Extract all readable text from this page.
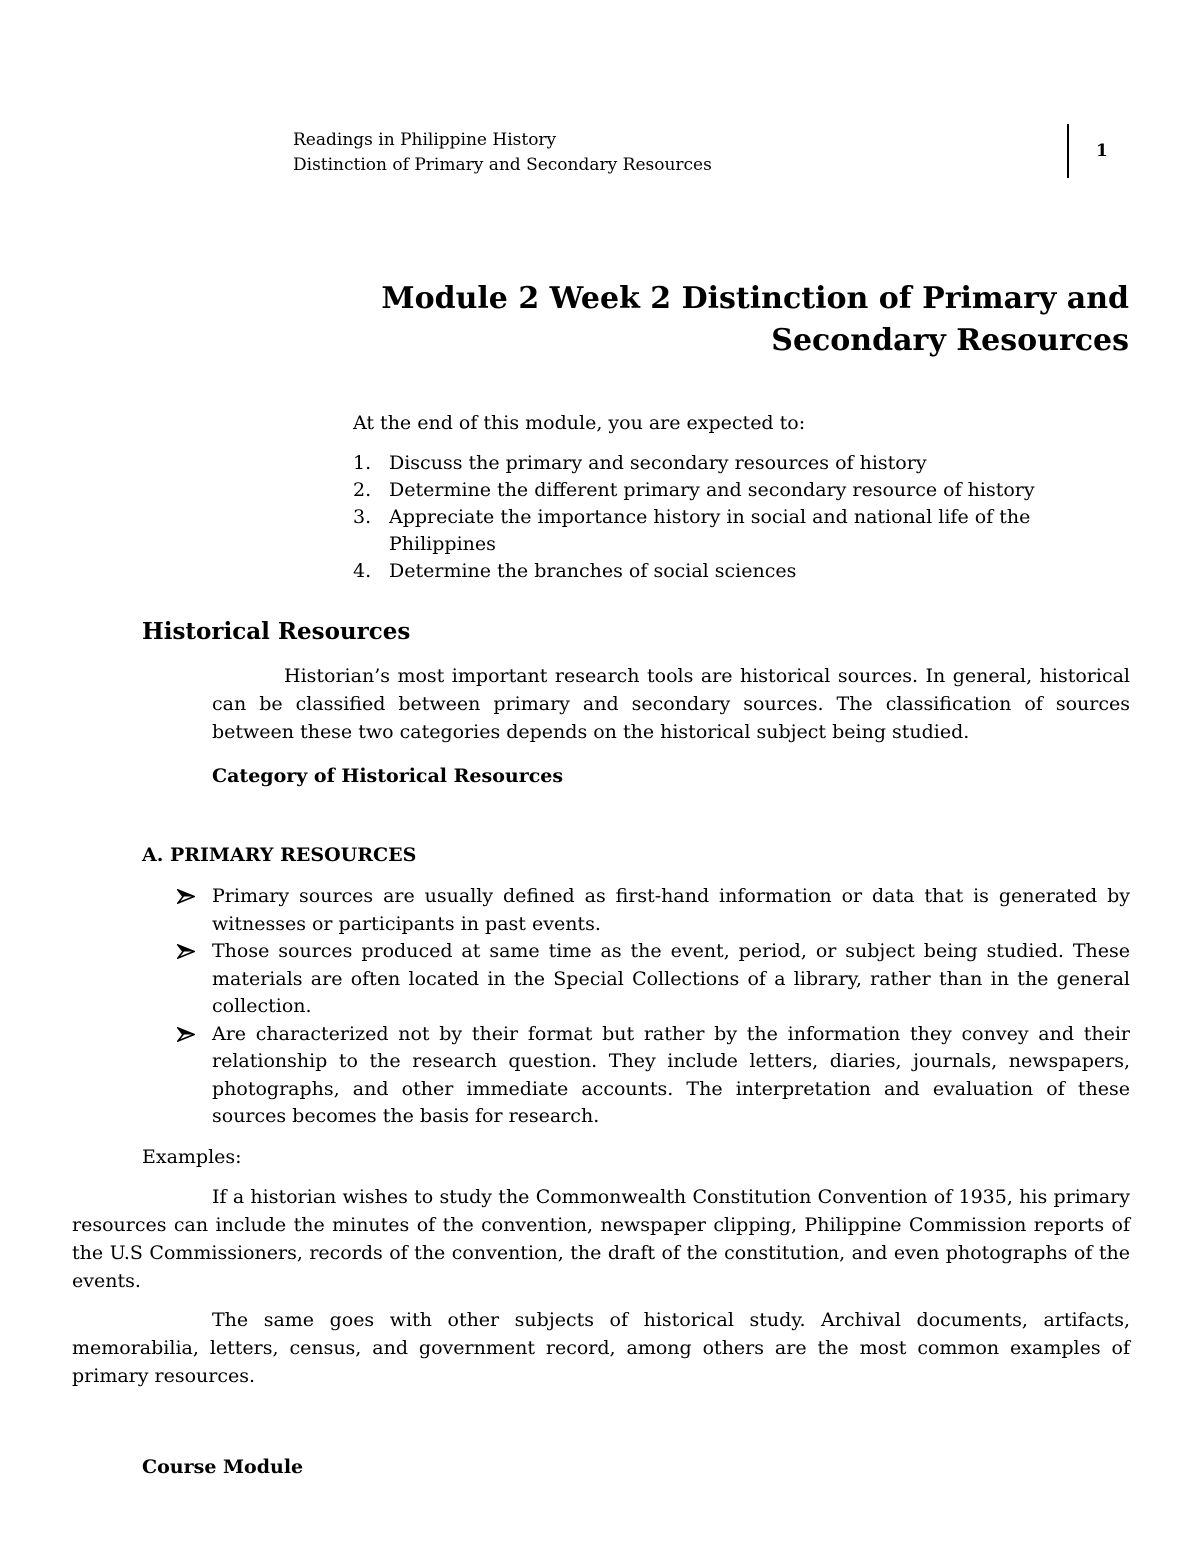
Readings in Philippine History
Distinction of Primary and Secondary Resources
1
Module 2 Week 2 Distinction of Primary and
Secondary Resources
At the end of this module, you are expected to:
1. Discuss the primary and secondary resources of history
2. Determine the different primary and secondary resource of history
3. Appreciate the importance history in social and national life of the Philippines
4. Determine the branches of social sciences
Historical Resources

Historian’s most important research tools are historical sources. In general, historical can be classified between primary and secondary sources. The classification of sources between these two categories depends on the historical subject being studied.

Category of Historical Resources
A. PRIMARY RESOURCES
Primary sources are usually defined as first-hand information or data that is generated by witnesses or participants in past events.
Those sources produced at same time as the event, period, or subject being studied. These materials are often located in the Special Collections of a library, rather than in the general collection.
Are characterized not by their format but rather by the information they convey and their relationship to the research question. They include letters, diaries, journals, newspapers, photographs, and other immediate accounts. The interpretation and evaluation of these sources becomes the basis for research.
Examples:

If a historian wishes to study the Commonwealth Constitution Convention of 1935, his primary resources can include the minutes of the convention, newspaper clipping, Philippine Commission reports of the U.S Commissioners, records of the convention, the draft of the constitution, and even photographs of the events.

The same goes with other subjects of historical study. Archival documents, artifacts, memorabilia, letters, census, and government record, among others are the most common examples of primary resources.

Course Module
